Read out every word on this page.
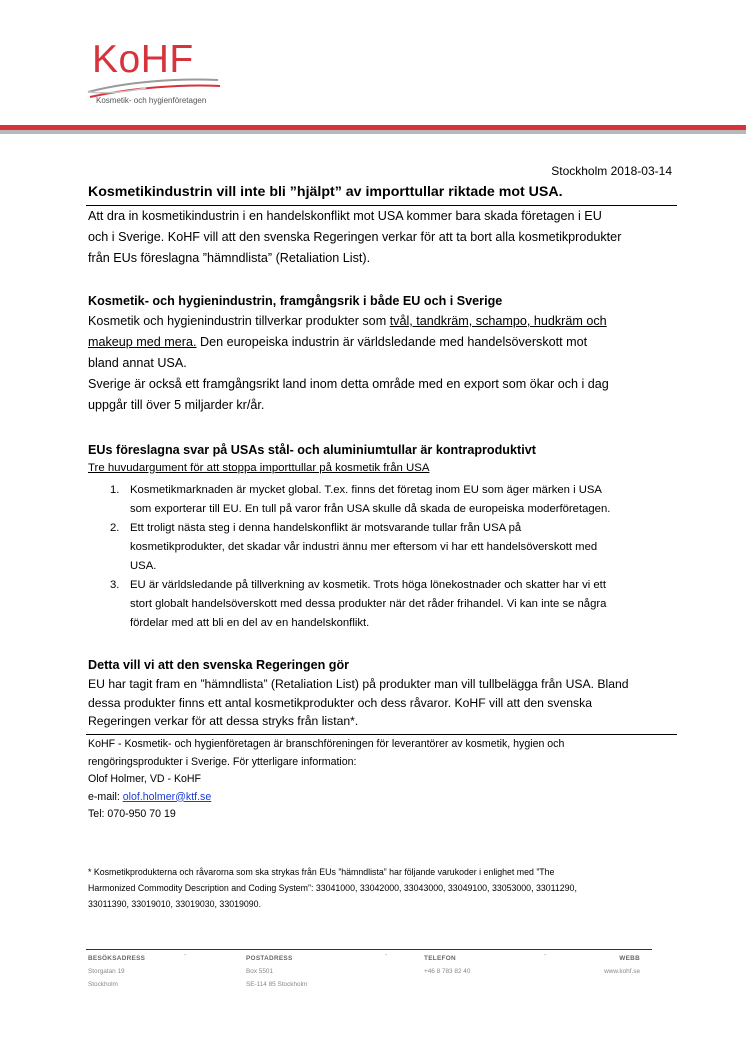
KoHF
Kosmetik- och hygienföretagen
Stockholm 2018-03-14
Kosmetikindustrin vill inte bli ”hjälpt” av importtullar riktade mot USA.
Att dra in kosmetikindustrin i en handelskonflikt mot USA kommer bara skada företagen i EU
och i Sverige. KoHF vill att den svenska Regeringen verkar för att ta bort alla kosmetikprodukter
från EUs föreslagna ”hämndlista” (Retaliation List).
Kosmetik- och hygienindustrin, framgångsrik i både EU och i Sverige
Kosmetik och hygienindustrin tillverkar produkter som tvål, tandkräm, schampo, hudkräm och
makeup med mera. Den europeiska industrin är världsledande med handelsöverskott mot
bland annat USA.
Sverige är också ett framgångsrikt land inom detta område med en export som ökar och i dag
uppgår till över 5 miljarder kr/år.
EUs föreslagna svar på USAs stål- och aluminiumtullar är kontraproduktivt
Tre huvudargument för att stoppa importtullar på kosmetik från USA
1. Kosmetikmarknaden är mycket global. T.ex. finns det företag inom EU som äger märken i USA
som exporterar till EU. En tull på varor från USA skulle då skada de europeiska moderföretagen.
2. Ett troligt nästa steg i denna handelskonflikt är motsvarande tullar från USA på
kosmetikprodukter, det skadar vår industri ännu mer eftersom vi har ett handelsöverskott med
USA.
3. EU är världsledande på tillverkning av kosmetik. Trots höga lönekostnader och skatter har vi ett
stort globalt handelsöverskott med dessa produkter när det råder frihandel. Vi kan inte se några
fördelar med att bli en del av en handelskonflikt.
Detta vill vi att den svenska Regeringen gör
EU har tagit fram en ”hämndlista” (Retaliation List) på produkter man vill tullbelägga från USA. Bland
dessa produkter finns ett antal kosmetikprodukter och dess råvaror. KoHF vill att den svenska
Regeringen verkar för att dessa stryks från listan*.
KoHF - Kosmetik- och hygienföretagen är branschföreningen för leverantörer av kosmetik, hygien och
rengöringsprodukter i Sverige. För ytterligare information:
Olof Holmer, VD - KoHF
e-mail: olof.holmer@ktf.se
Tel: 070-950 70 19
* Kosmetikprodukterna och råvarorna som ska strykas från EUs ”hämndlista” har följande varukoder i enlighet med ”The
Harmonized Commodity Description and Coding System”: 33041000, 33042000, 33043000, 33049100, 33053000, 33011290,
33011390, 33019010, 33019030, 33019090.
BESÖKSADRESS
Storgatan 19
Stockholm
-	POSTADRESS
Box 5501
SE-114 85 Stockholm
-	TELEFON
+46 8 783 82 40
-	WEBB
www.kohf.se
